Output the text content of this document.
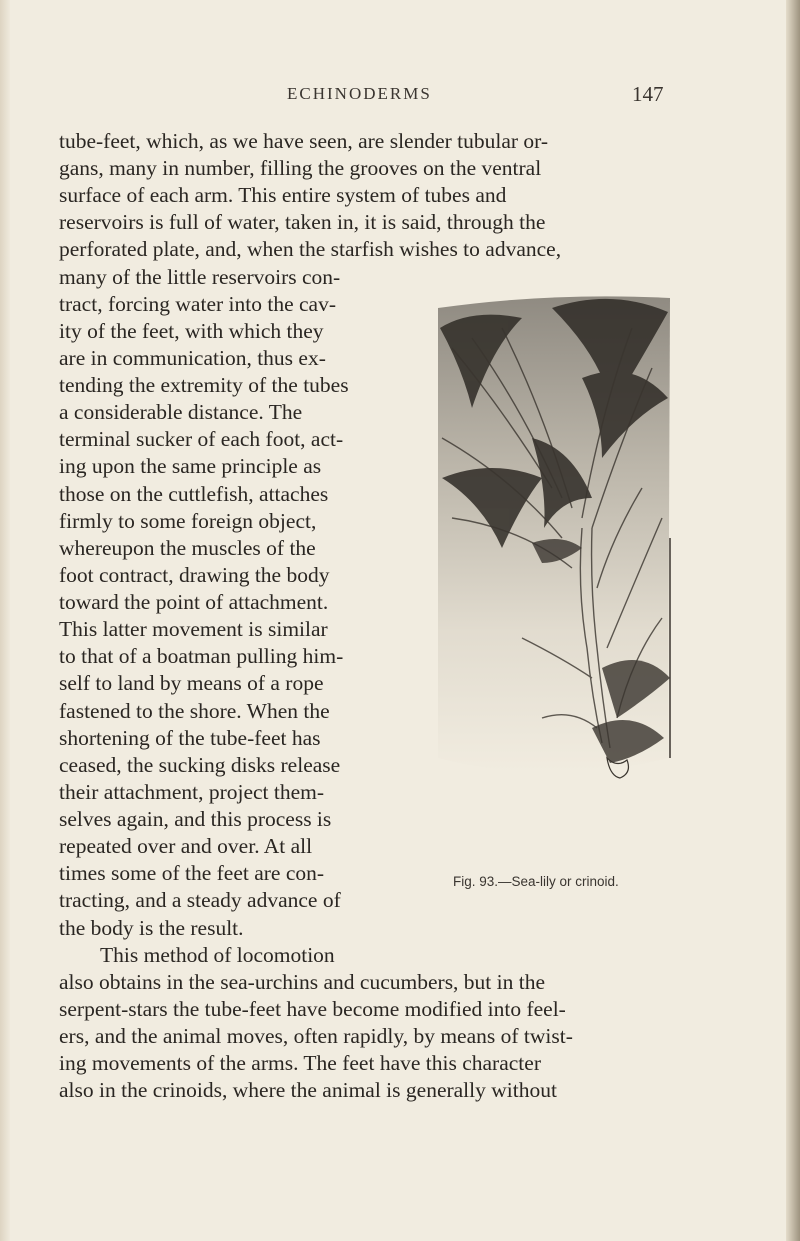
ECHINODERMS	147
tube-feet, which, as we have seen, are slender tubular or-
gans, many in number, filling the grooves on the ventral
surface of each arm. This entire system of tubes and
reservoirs is full of water, taken in, it is said, through the
perforated plate, and, when the starfish wishes to advance,
many of the little reservoirs con-
tract, forcing water into the cav-
ity of the feet, with which they
are in communication, thus ex-
tending the extremity of the tubes
a considerable distance. The
terminal sucker of each foot, act-
ing upon the same principle as
those on the cuttlefish, attaches
firmly to some foreign object,
whereupon the muscles of the
foot contract, drawing the body
toward the point of attachment.
This latter movement is similar
to that of a boatman pulling him-
self to land by means of a rope
fastened to the shore. When the
shortening of the tube-feet has
ceased, the sucking disks release
their attachment, project them-
selves again, and this process is
repeated over and over. At all
times some of the feet are con-
tracting, and a steady advance of
the body is the result.
This method of locomotion
also obtains in the sea-urchins and cucumbers, but in the
serpent-stars the tube-feet have become modified into feel-
ers, and the animal moves, often rapidly, by means of twist-
ing movements of the arms. The feet have this character
also in the crinoids, where the animal is generally without
Fig. 93.—Sea-lily or crinoid.
